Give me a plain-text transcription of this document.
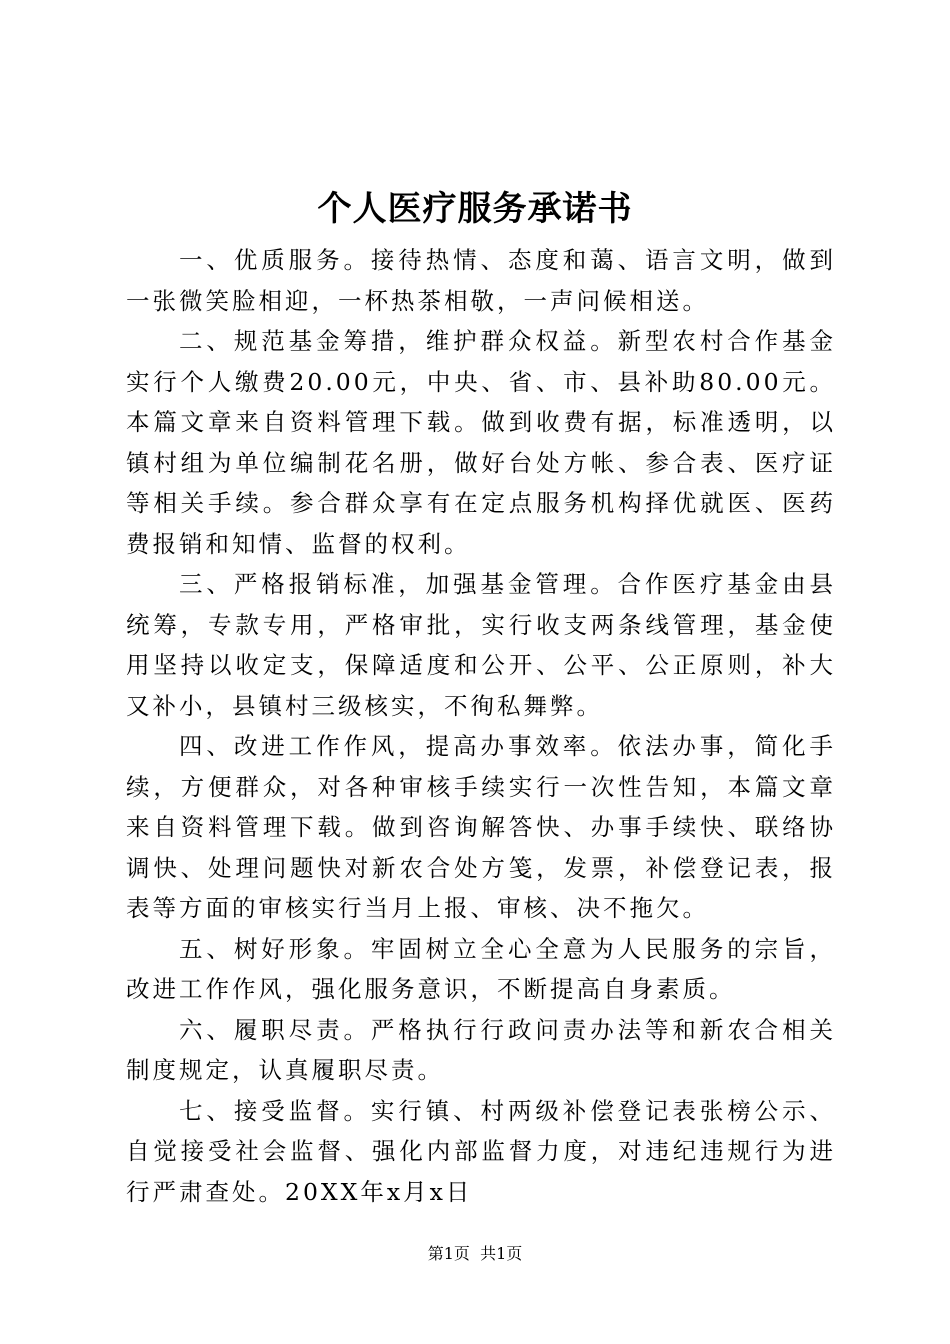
个人医疗服务承诺书

一、优质服务。接待热情、态度和蔼、语言文明，做到一张微笑脸相迎，一杯热茶相敬，一声问候相送。

二、规范基金筹措，维护群众权益。新型农村合作基金实行个人缴费20.00元，中央、省、市、县补助80.00元。本篇文章来自资料管理下载。做到收费有据，标准透明，以镇村组为单位编制花名册，做好台处方帐、参合表、医疗证等相关手续。参合群众享有在定点服务机构择优就医、医药费报销和知情、监督的权利。

三、严格报销标准，加强基金管理。合作医疗基金由县统筹，专款专用，严格审批，实行收支两条线管理，基金使用坚持以收定支，保障适度和公开、公平、公正原则，补大又补小，县镇村三级核实，不徇私舞弊。

四、改进工作作风，提高办事效率。依法办事，简化手续，方便群众，对各种审核手续实行一次性告知，本篇文章来自资料管理下载。做到咨询解答快、办事手续快、联络协调快、处理问题快对新农合处方笺，发票，补偿登记表，报表等方面的审核实行当月上报、审核、决不拖欠。

五、树好形象。牢固树立全心全意为人民服务的宗旨，改进工作作风，强化服务意识，不断提高自身素质。

六、履职尽责。严格执行行政问责办法等和新农合相关制度规定，认真履职尽责。

七、接受监督。实行镇、村两级补偿登记表张榜公示、自觉接受社会监督、强化内部监督力度，对违纪违规行为进行严肃查处。20XX年x月x日

第1页  共1页
